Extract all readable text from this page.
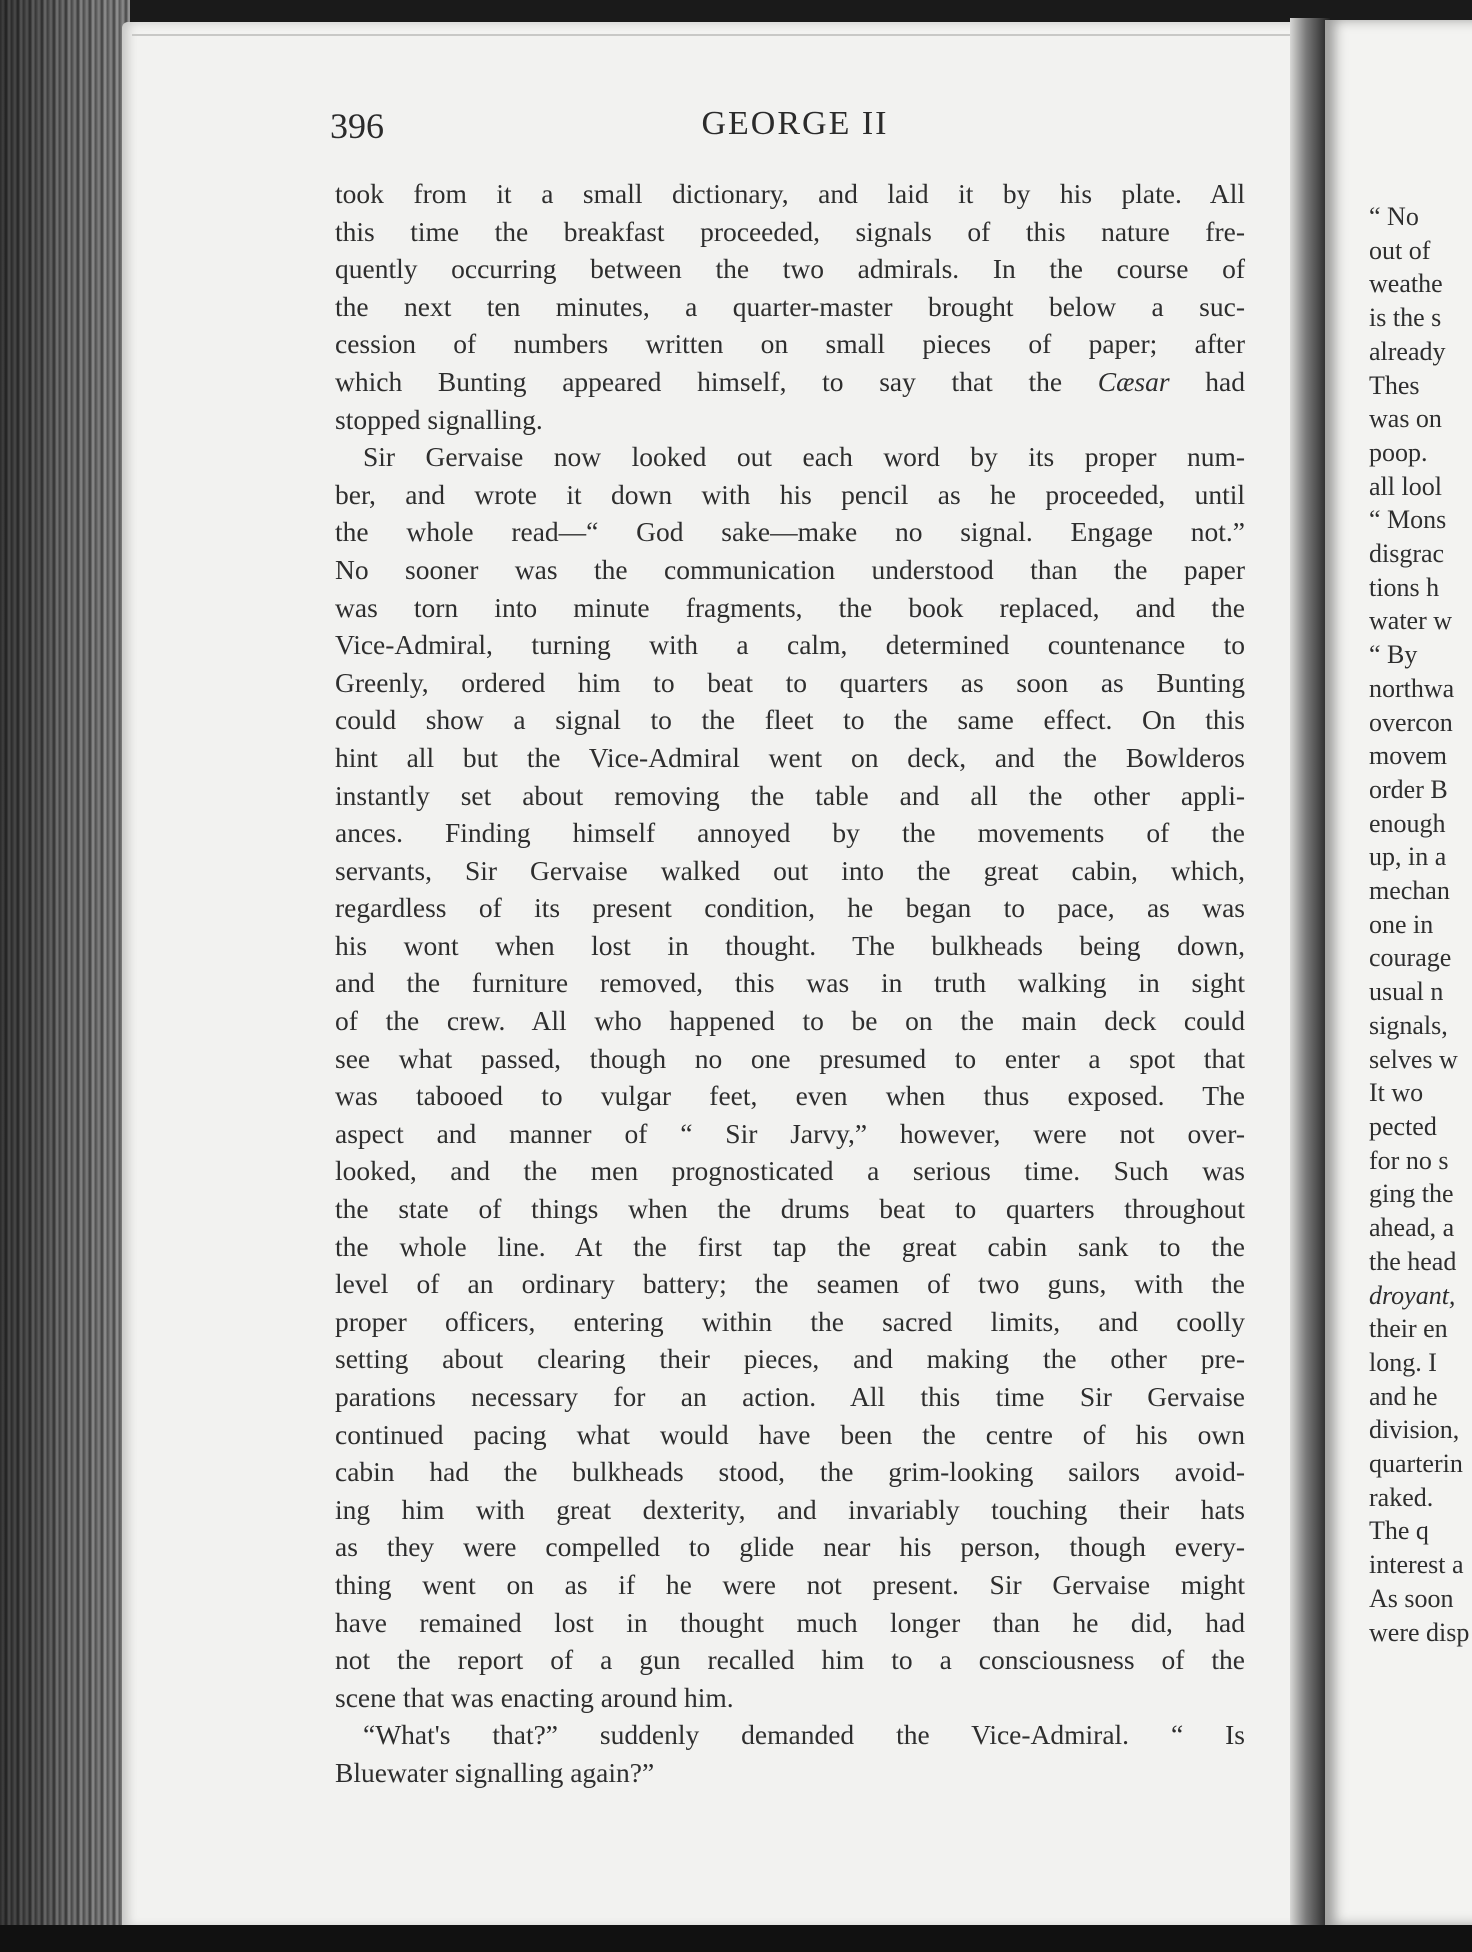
“ No
out of
weathe
is the s
already
Thes
was on
poop.
all lool
“ Mons
disgrac
tions h
water w
“ By
northwa
overcon
movem
order B
enough
up, in a
mechan
one in
courage
usual n
signals,
selves w
It wo
pected
for no s
ging the
ahead, a
the head
droyant,
their en
long. I
and he
division,
quarterin
raked.
The q
interest a
As soon
were disp
396	GEORGE II
took from it a small dictionary, and laid it by his plate. All
this time the breakfast proceeded, signals of this nature fre-
quently occurring between the two admirals. In the course of
the next ten minutes, a quarter-master brought below a suc-
cession of numbers written on small pieces of paper; after
which Bunting appeared himself, to say that the Cæsar had
stopped signalling.
Sir Gervaise now looked out each word by its proper num-
ber, and wrote it down with his pencil as he proceeded, until
the whole read—“ God sake—make no signal. Engage not.”
No sooner was the communication understood than the paper
was torn into minute fragments, the book replaced, and the
Vice-Admiral, turning with a calm, determined countenance to
Greenly, ordered him to beat to quarters as soon as Bunting
could show a signal to the fleet to the same effect. On this
hint all but the Vice-Admiral went on deck, and the Bowlderos
instantly set about removing the table and all the other appli-
ances. Finding himself annoyed by the movements of the
servants, Sir Gervaise walked out into the great cabin, which,
regardless of its present condition, he began to pace, as was
his wont when lost in thought. The bulkheads being down,
and the furniture removed, this was in truth walking in sight
of the crew. All who happened to be on the main deck could
see what passed, though no one presumed to enter a spot that
was tabooed to vulgar feet, even when thus exposed. The
aspect and manner of “ Sir Jarvy,” however, were not over-
looked, and the men prognosticated a serious time. Such was
the state of things when the drums beat to quarters throughout
the whole line. At the first tap the great cabin sank to the
level of an ordinary battery; the seamen of two guns, with the
proper officers, entering within the sacred limits, and coolly
setting about clearing their pieces, and making the other pre-
parations necessary for an action. All this time Sir Gervaise
continued pacing what would have been the centre of his own
cabin had the bulkheads stood, the grim-looking sailors avoid-
ing him with great dexterity, and invariably touching their hats
as they were compelled to glide near his person, though every-
thing went on as if he were not present. Sir Gervaise might
have remained lost in thought much longer than he did, had
not the report of a gun recalled him to a consciousness of the
scene that was enacting around him.
“What's that?” suddenly demanded the Vice-Admiral. “ Is
Bluewater signalling again?”
